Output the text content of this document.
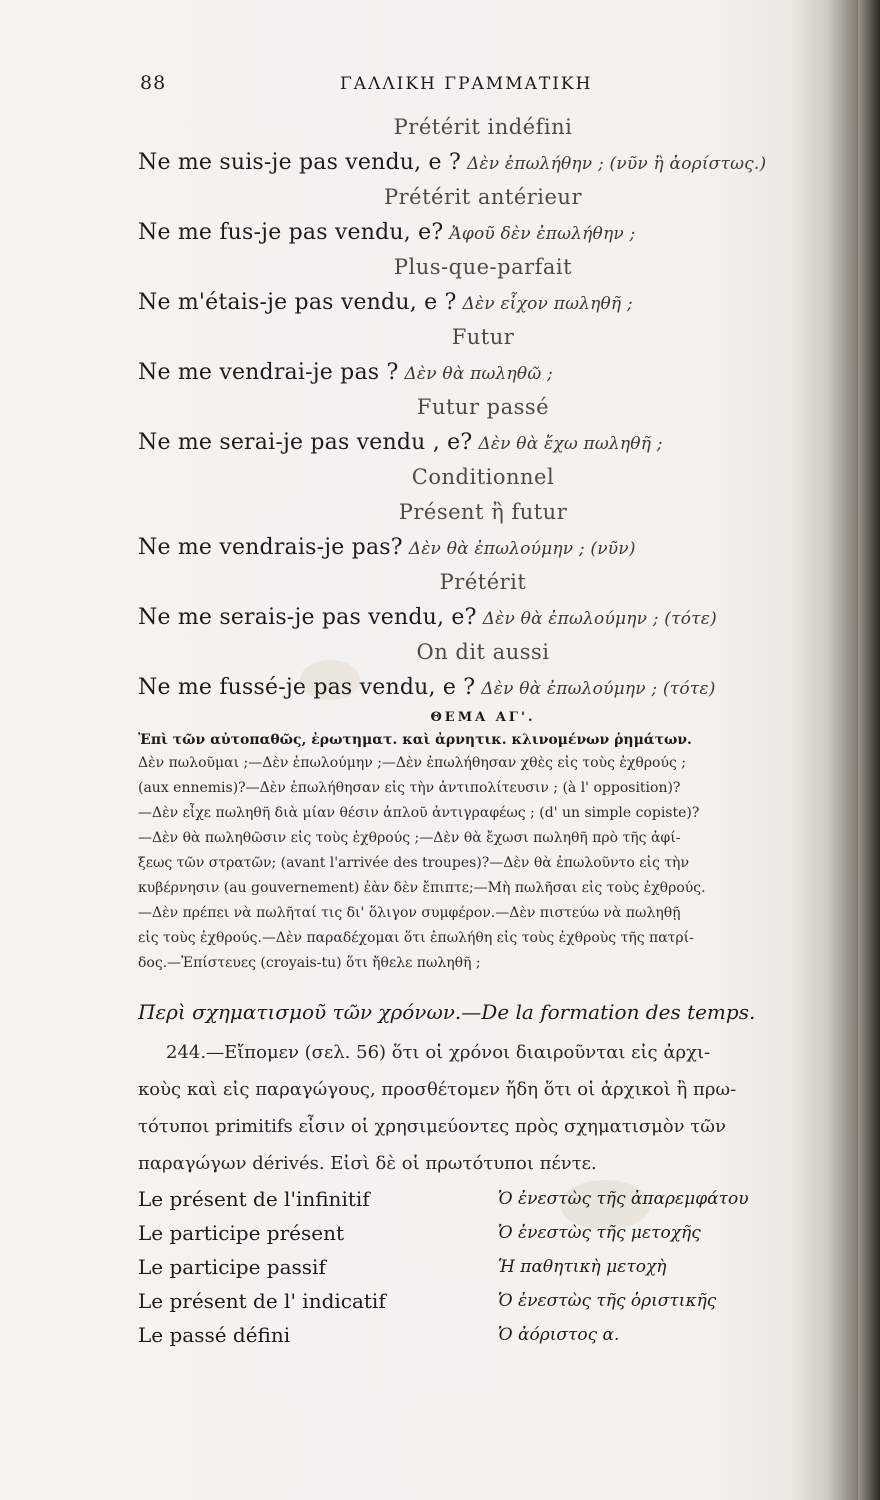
88	ΓΑΛΛΙΚΗ ΓΡΑΜΜΑΤΙΚΗ
Prétérit indéfini
Ne me suis-je pas vendu, e ? Δὲν ἐπωλήθην ; (νῦν ἢ ἀορίστως.)
Prétérit antérieur
Ne me fus-je pas vendu, e? Ἀφοῦ δὲν ἐπωλήθην ;
Plus-que-parfait
Ne m'étais-je pas vendu, e ? Δὲν εἶχον πωληθῆ ;
Futur
Ne me vendrai-je pas ? Δὲν θὰ πωληθῶ ;
Futur passé
Ne me serai-je pas vendu , e? Δὲν θὰ ἔχω πωληθῆ ;
Conditionnel
Présent ἢ futur
Ne me vendrais-je pas? Δὲν θὰ ἐπωλούμην ; (νῦν)
Prétérit
Ne me serais-je pas vendu, e? Δὲν θὰ ἐπωλούμην ; (τότε)
On dit aussi
Ne me fussé-je pas vendu, e ? Δὲν θὰ ἐπωλούμην ; (τότε)
ΘΕΜΑ ΑΓ'.
Ἐπὶ τῶν αὐτοπαθῶς, ἐρωτηματ. καὶ ἀρνητικ. κλινομένων ῥημάτων.
Δὲν πωλοῦμαι ;—Δὲν ἐπωλούμην ;—Δὲν ἐπωλήθησαν χθὲς εἰς τοὺς ἐχθρούς ;
(aux ennemis)?—Δὲν ἐπωλήθησαν εἰς τὴν ἀντιπολίτευσιν ; (à l' opposition)?
—Δὲν εἶχε πωληθῆ διὰ μίαν θέσιν ἁπλοῦ ἀντιγραφέως ; (d' un simple copiste)?
—Δὲν θὰ πωληθῶσιν εἰς τοὺς ἐχθρούς ;—Δὲν θὰ ἔχωσι πωληθῆ πρὸ τῆς ἀφί-
ξεως τῶν στρατῶν; (avant l'arrivée des troupes)?—Δὲν θὰ ἐπωλοῦντο εἰς τὴν
κυβέρνησιν (au gouvernement) ἐὰν δὲν ἔπιπτε;—Μὴ πωλῆσαι εἰς τοὺς ἐχθρούς.
—Δὲν πρέπει νὰ πωλῆταί τις δι' ὅλιγον συμφέρον.—Δὲν πιστεύω νὰ πωληθῇ
εἰς τοὺς ἐχθρούς.—Δὲν παραδέχομαι ὅτι ἐπωλήθη εἰς τοὺς ἐχθροὺς τῆς πατρί-
δος.—Ἐπίστευες (croyais-tu) ὅτι ἤθελε πωληθῆ ;
Περὶ σχηματισμοῦ τῶν χρόνων.—De la formation des temps.
244.—Εἴπομεν (σελ. 56) ὅτι οἱ χρόνοι διαιροῦνται εἰς ἀρχι-
κοὺς καὶ εἰς παραγώγους, προσθέτομεν ἤδη ὅτι οἱ ἀρχικοὶ ἢ πρω-
τότυποι primitifs εἶσιν οἱ χρησιμεύοντες πρὸς σχηματισμὸν τῶν
παραγώγων dérivés. Εἰσὶ δὲ οἱ πρωτότυποι πέντε.
Le présent de l'infinitif	Ὁ ἐνεστὼς τῆς ἀπαρεμφάτου
Le participe présent	Ὁ ἐνεστὼς τῆς μετοχῆς
Le participe passif	Ἡ παθητικὴ μετοχὴ
Le présent de l' indicatif	Ὁ ἐνεστὼς τῆς ὁριστικῆς
Le passé défini	Ὁ ἀόριστος α.
